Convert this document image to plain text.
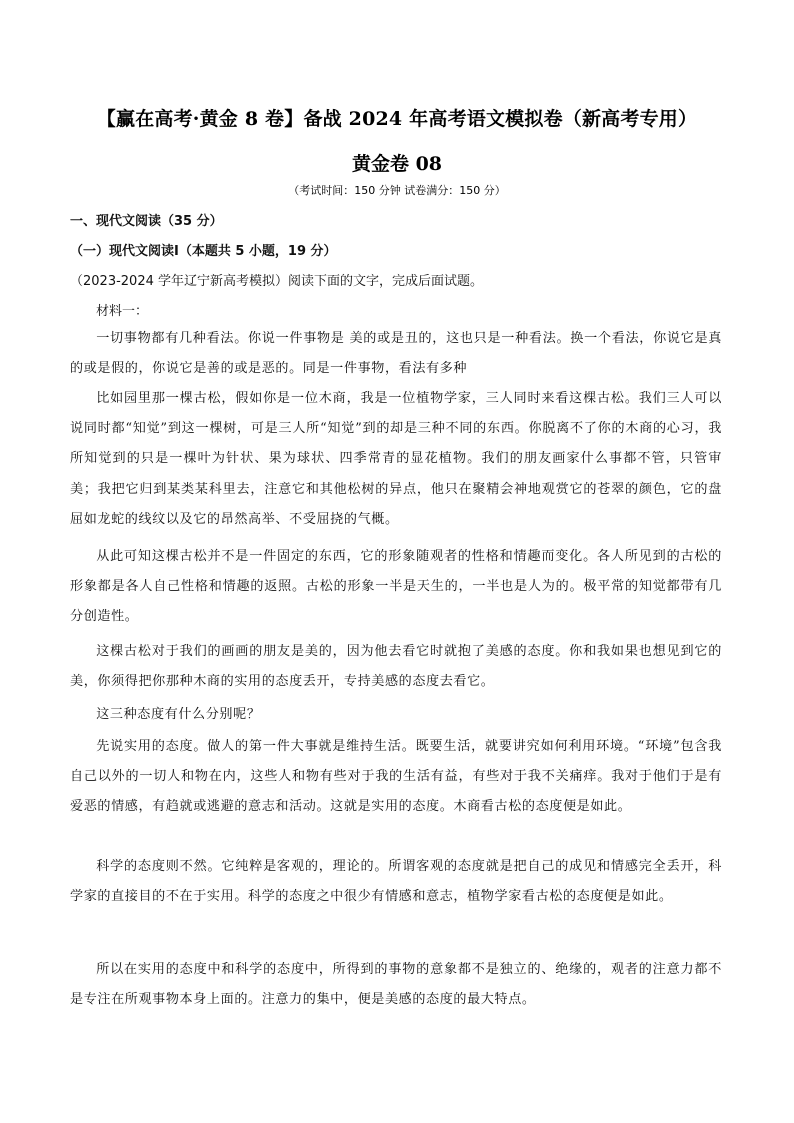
【赢在高考·黄金 8 卷】备战 2024 年高考语文模拟卷（新高考专用）
黄金卷 08
（考试时间：150 分钟 试卷满分：150 分）
一、现代文阅读（35 分）
（一）现代文阅读Ⅰ（本题共 5 小题，19 分）
（2023-2024 学年辽宁新高考模拟）阅读下面的文字，完成后面试题。
材料一：
一切事物都有几种看法。你说一件事物是 美的或是丑的，这也只是一种看法。换一个看法，你说它是真的或是假的，你说它是善的或是恶的。同是一件事物，看法有多种
比如园里那一棵古松，假如你是一位木商，我是一位植物学家，三人同时来看这棵古松。我们三人可以说同时都“知觉”到这一棵树，可是三人所“知觉”到的却是三种不同的东西。你脱离不了你的木商的心习，我所知觉到的只是一棵叶为针状、果为球状、四季常青的显花植物。我们的朋友画家什么事都不管，只管审美；我把它归到某类某科里去，注意它和其他松树的异点，他只在聚精会神地观赏它的苍翠的颜色，它的盘屈如龙蛇的线纹以及它的昂然高举、不受屈挠的气概。
从此可知这棵古松并不是一件固定的东西，它的形象随观者的性格和情趣而变化。各人所见到的古松的形象都是各人自己性格和情趣的返照。古松的形象一半是天生的，一半也是人为的。极平常的知觉都带有几分创造性。
这棵古松对于我们的画画的朋友是美的，因为他去看它时就抱了美感的态度。你和我如果也想见到它的美，你须得把你那种木商的实用的态度丢开，专持美感的态度去看它。
这三种态度有什么分别呢？
先说实用的态度。做人的第一件大事就是维持生活。既要生活，就要讲究如何利用环境。“环境”包含我自己以外的一切人和物在内，这些人和物有些对于我的生活有益，有些对于我不关痛痒。我对于他们于是有爱恶的情感，有趋就或逃避的意志和活动。这就是实用的态度。木商看古松的态度便是如此。
科学的态度则不然。它纯粹是客观的，理论的。所谓客观的态度就是把自己的成见和情感完全丢开，科学家的直接目的不在于实用。科学的态度之中很少有情感和意志，植物学家看古松的态度便是如此。
所以在实用的态度中和科学的态度中，所得到的事物的意象都不是独立的、绝缘的，观者的注意力都不是专注在所观事物本身上面的。注意力的集中，便是美感的态度的最大特点。
